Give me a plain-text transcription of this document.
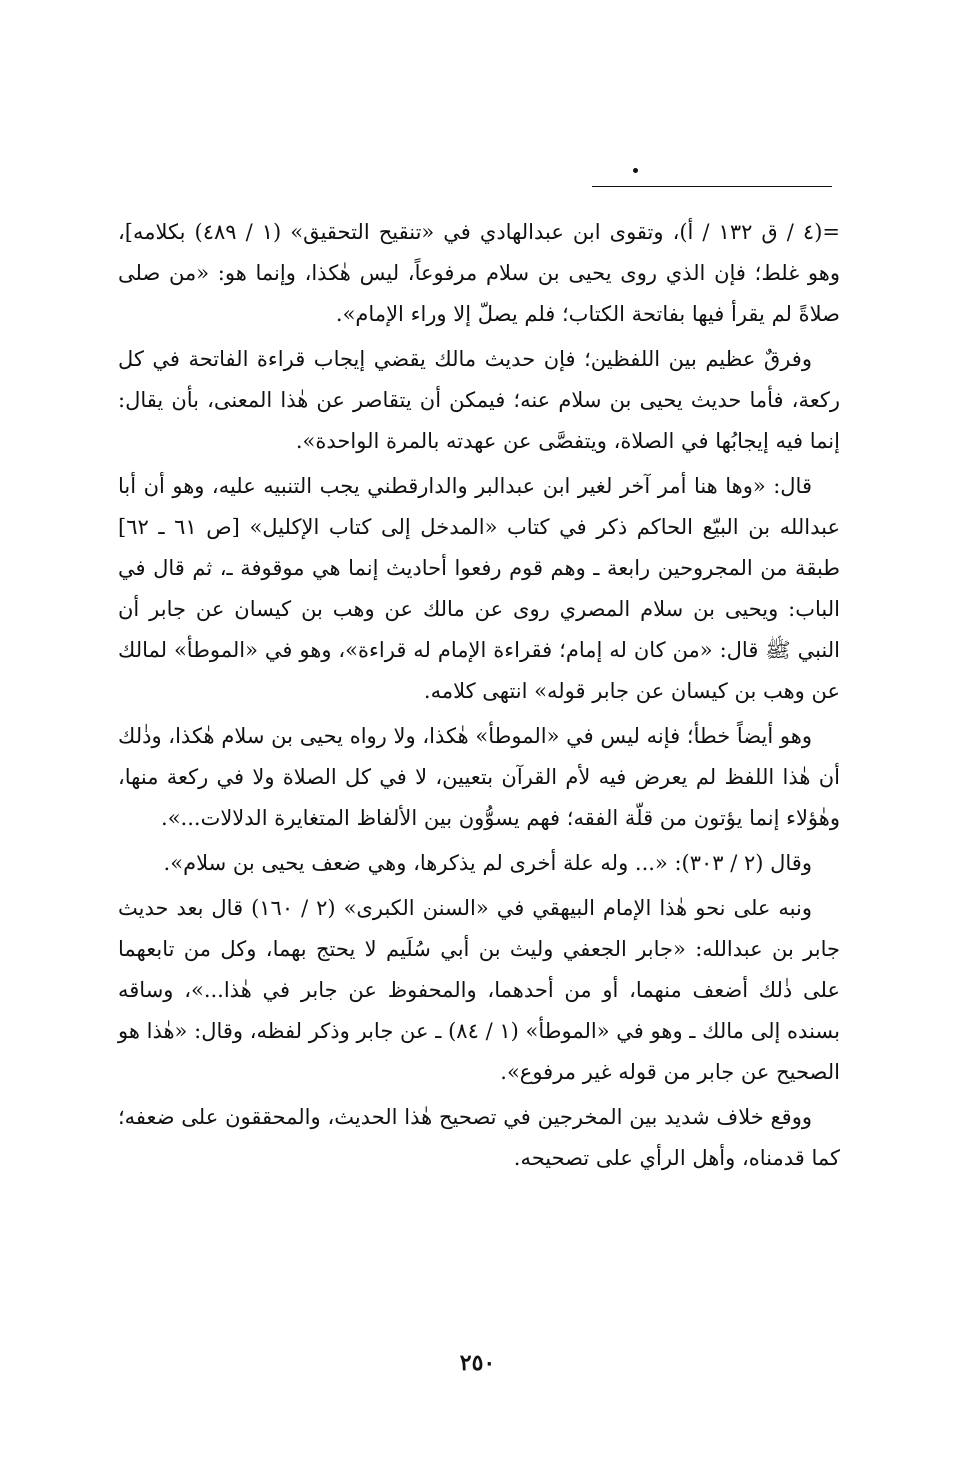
=(٤ / ق ١٣٢ / أ)، وتقوى ابن عبدالهادي في «تنقيح التحقيق» (١ / ٤٨٩) بكلامه]، وهو غلط؛ فإن الذي روى يحيى بن سلام مرفوعاً، ليس هٰكذا، وإنما هو: «من صلى صلاةً لم يقرأ فيها بفاتحة الكتاب؛ فلم يصلّ إلا وراء الإمام».

وفرقٌ عظيم بين اللفظين؛ فإن حديث مالك يقضي إيجاب قراءة الفاتحة في كل ركعة، فأما حديث يحيى بن سلام عنه؛ فيمكن أن يتقاصر عن هٰذا المعنى، بأن يقال: إنما فيه إيجابُها في الصلاة، ويتفصَّى عن عهدته بالمرة الواحدة».

قال: «وها هنا أمر آخر لغير ابن عبدالبر والدارقطني يجب التنبيه عليه، وهو أن أبا عبدالله بن البيّع الحاكم ذكر في كتاب «المدخل إلى كتاب الإكليل» [ص ٦١ ـ ٦٢] طبقة من المجروحين رابعة ـ وهم قوم رفعوا أحاديث إنما هي موقوفة ـ، ثم قال في الباب: ويحيى بن سلام المصري روى عن مالك عن وهب بن كيسان عن جابر أن النبي ﷺ قال: «من كان له إمام؛ فقراءة الإمام له قراءة»، وهو في «الموطأ» لمالك عن وهب بن كيسان عن جابر قوله» انتهى كلامه.

وهو أيضاً خطأ؛ فإنه ليس في «الموطأ» هٰكذا، ولا رواه يحيى بن سلام هٰكذا، وذٰلك أن هٰذا اللفظ لم يعرض فيه لأم القرآن بتعيين، لا في كل الصلاة ولا في ركعة منها، وهٰؤلاء إنما يؤتون من قلّة الفقه؛ فهم يسوُّون بين الألفاظ المتغايرة الدلالات...».

وقال (٢ / ٣٠٣): «... وله علة أخرى لم يذكرها، وهي ضعف يحيى بن سلام».

ونبه على نحو هٰذا الإمام البيهقي في «السنن الكبرى» (٢ / ١٦٠) قال بعد حديث جابر بن عبدالله: «جابر الجعفي وليث بن أبي سُلَيم لا يحتج بهما، وكل من تابعهما على ذٰلك أضعف منهما، أو من أحدهما، والمحفوظ عن جابر في هٰذا...»، وساقه بسنده إلى مالك ـ وهو في «الموطأ» (١ / ٨٤) ـ عن جابر وذكر لفظه، وقال: «هٰذا هو الصحيح عن جابر من قوله غير مرفوع».

ووقع خلاف شديد بين المخرجين في تصحيح هٰذا الحديث، والمحققون على ضعفه؛ كما قدمناه، وأهل الرأي على تصحيحه.

٢٥٠
